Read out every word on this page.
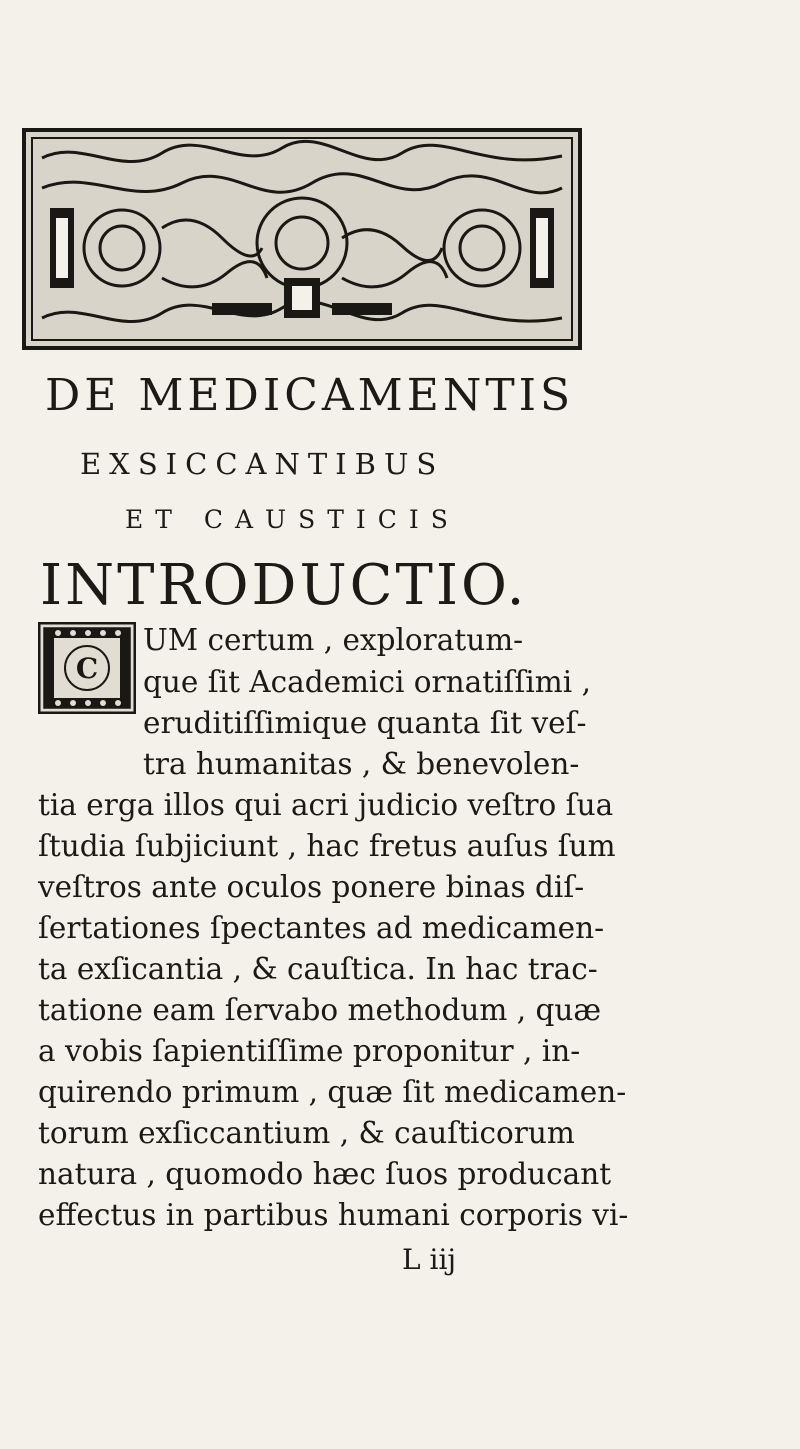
DE MEDICAMENTIS
EXSICCANTIBUS
ET CAUSTICIS
INTRODUCTIO.
C
UM certum , exploratum-
que ſit Academici ornatiſſimi ,
eruditiſſimique quanta ſit veſ-
tra humanitas , & benevolen-
tia erga illos qui acri judicio veſtro ſua
ſtudia ſubjiciunt , hac fretus auſus ſum
veſtros ante oculos ponere binas diſ-
ſertationes ſpectantes ad medicamen-
ta exſicantia , & cauſtica. In hac trac-
tatione eam ſervabo methodum , quæ
a vobis ſapientiſſime proponitur , in-
quirendo primum , quæ ſit medicamen-
torum exſiccantium , & cauſticorum
natura , quomodo hæc ſuos producant
effectus in partibus humani corporis vi-
L iij
